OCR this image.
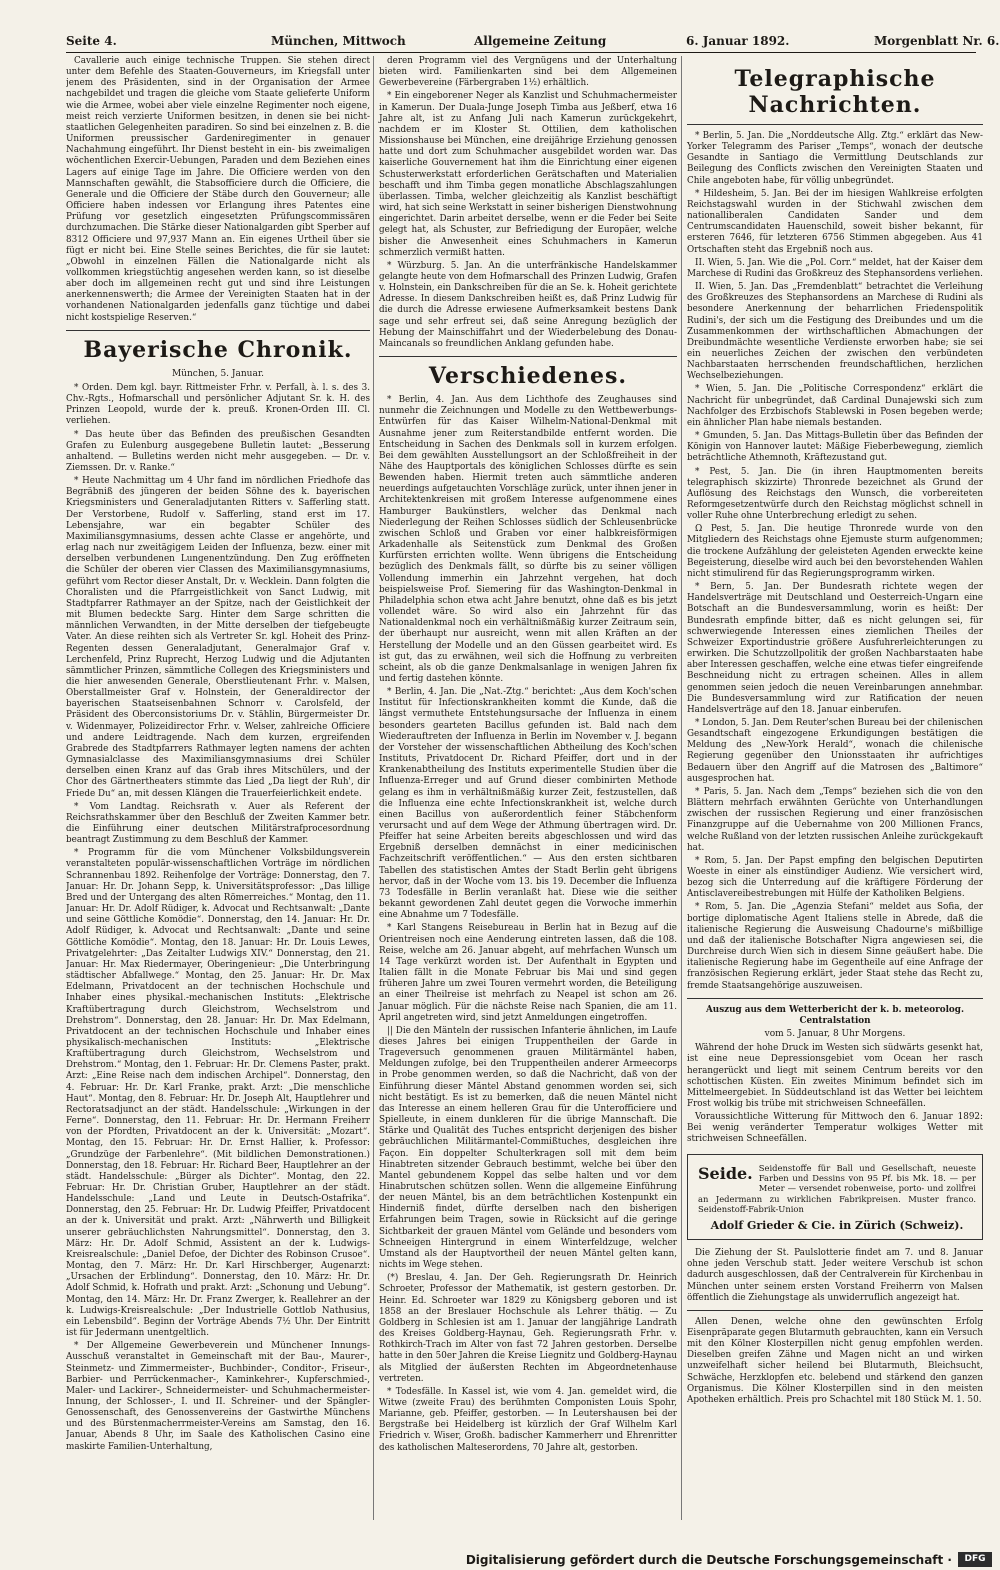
Seite 4.	München, Mittwoch	Allgemeine Zeitung	6. Januar 1892.	Morgenblatt Nr. 6.

Cavallerie auch einige technische Truppen. Sie stehen direct unter dem Befehle des Staaten-Gouverneurs, im Kriegsfall unter jenem des Präsidenten, sind in der Organisation der Armee nachgebildet und tragen die gleiche vom Staate gelieferte Uniform wie die Armee, wobei aber viele einzelne Regimenter noch eigene, meist reich verzierte Uniformen besitzen, in denen sie bei nicht-staatlichen Gelegenheiten paradiren. So sind bei einzelnen z. B. die Uniformen preussischer Gardeniregimenter in genauer Nachahmung eingeführt. Ihr Dienst besteht in ein- bis zweimaligen wöchentlichen Exercir-Uebungen, Paraden und dem Beziehen eines Lagers auf einige Tage im Jahre. Die Officiere werden von den Mannschaften gewählt, die Stabsofficiere durch die Officiere, die Generale und die Officiere der Stäbe durch den Gouverneur; alle Officiere haben indessen vor Erlangung ihres Patentes eine Prüfung vor gesetzlich eingesetzten Prüfungscommissären durchzumachen. Die Stärke dieser Nationalgarden gibt Sperber auf 8312 Officiere und 97,937 Mann an. Ein eigenes Urtheil über sie fügt er nicht bei. Eine Stelle seines Berichtes, die für sie lautet: „Obwohl in einzelnen Fällen die Nationalgarde nicht als vollkommen kriegstüchtig angesehen werden kann, so ist dieselbe aber doch im allgemeinen recht gut und sind ihre Leistungen anerkennenswerth; die Armee der Vereinigten Staaten hat in der vorhandenen Nationalgarden jedenfalls ganz tüchtige und dabei nicht kostspielige Reserven.“

Bayerische Chronik.
München, 5. Januar.

* Orden. Dem kgl. bayr. Rittmeister Frhr. v. Perfall, à. l. s. des 3. Chv.-Rgts., Hofmarschall und persönlicher Adjutant Sr. k. H. des Prinzen Leopold, wurde der k. preuß. Kronen-Orden III. Cl. verliehen.

* Das heute über das Befinden des preußischen Gesandten Grafen zu Eulenburg ausgegebene Bulletin lautet: „Besserung anhaltend. — Bulletins werden nicht mehr ausgegeben. — Dr. v. Ziemssen. Dr. v. Ranke.“

* Heute Nachmittag um 4 Uhr fand im nördlichen Friedhofe das Begräbniß des jüngeren der beiden Söhne des k. bayerischen Kriegsministers und Generaladjutanten Ritters v. Safferling statt. Der Verstorbene, Rudolf v. Safferling, stand erst im 17. Lebensjahre, war ein begabter Schüler des Maximiliansgymnasiums, dessen achte Classe er angehörte, und erlag nach nur zweitägigem Leiden der Influenza, bezw. einer mit derselben verbundenen Lungenentzündung. Den Zug eröffneten die Schüler der oberen vier Classen des Maximiliansgymnasiums, geführt vom Rector dieser Anstalt, Dr. v. Wecklein. Dann folgten die Choralisten und die Pfarrgeistlichkeit von Sanct Ludwig, mit Stadtpfarrer Rathmayer an der Spitze, nach der Geistlichkeit der mit Blumen bedeckte Sarg. Hinter dem Sarge schritten die männlichen Verwandten, in der Mitte derselben der tiefgebeugte Vater. An diese reihten sich als Vertreter Sr. kgl. Hoheit des Prinz-Regenten dessen Generaladjutant, Generalmajor Graf v. Lerchenfeld, Prinz Ruprecht, Herzog Ludwig und die Adjutanten sämmtlicher Prinzen, sämmtliche Collegen des Kriegsministers und die hier anwesenden Generale, Oberstlieutenant Frhr. v. Malsen, Oberstallmeister Graf v. Holnstein, der Generaldirector der bayerischen Staatseisenbahnen Schnorr v. Carolsfeld, der Präsident des Oberconsistoriums Dr. v. Stählin, Bürgermeister Dr. v. Widenmayer, Polizeidirector Frhr. v. Welser, zahlreiche Officiere und andere Leidtragende. Nach dem kurzen, ergreifenden Grabrede des Stadtpfarrers Rathmayer legten namens der achten Gymnasialclasse des Maximiliansgymnasiums drei Schüler derselben einen Kranz auf das Grab ihres Mitschülers, und der Chor des Gärtnertheaters stimmte das Lied „Da liegt der Ruh', dir Friede Du“ an, mit dessen Klängen die Trauerfeierlichkeit endete.

* Vom Landtag. Reichsrath v. Auer als Referent der Reichsrathskammer über den Beschluß der Zweiten Kammer betr. die Einführung einer deutschen Militärstrafprocesordnung beantragt Zustimmung zu dem Beschluß der Kammer.

* Programm für die vom Münchener Volksbildungsverein veranstalteten populär-wissenschaftlichen Vorträge im nördlichen Schrannenbau 1892. Reihenfolge der Vorträge: Donnerstag, den 7. Januar: Hr. Dr. Johann Sepp, k. Universitätsprofessor: „Das lillige Bred und der Untergang des alten Römerreiches.“ Montag, den 11. Januar: Hr. Dr. Adolf Rüdiger, k. Advocat und Rechtsanwalt: „Dante und seine Göttliche Komödie“. Donnerstag, den 14. Januar: Hr. Dr. Adolf Rüdiger, k. Advocat und Rechtsanwalt: „Dante und seine Göttliche Komödie“. Montag, den 18. Januar: Hr. Dr. Louis Lewes, Privatgelehrter: „Das Zeitalter Ludwigs XIV.“ Donnerstag, den 21. Januar: Hr. Max Riedermayer, Oberingenieur: „Die Unterbringung städtischer Abfallwege.“ Montag, den 25. Januar: Hr. Dr. Max Edelmann, Privatdocent an der technischen Hochschule und Inhaber eines physikal.-mechanischen Instituts: „Elektrische Kraftübertragung durch Gleichstrom, Wechselstrom und Drehstrom“. Donnerstag, den 28. Januar: Hr. Dr. Max Edelmann, Privatdocent an der technischen Hochschule und Inhaber eines physikalisch-mechanischen Instituts: „Elektrische Kraftübertragung durch Gleichstrom, Wechselstrom und Drehstrom.“ Montag, den 1. Februar: Hr. Dr. Clemens Paster, prakt. Arzt: „Eine Reise nach dem indischen Archipel“. Donnerstag, den 4. Februar: Hr. Dr. Karl Franke, prakt. Arzt: „Die menschliche Haut“. Montag, den 8. Februar: Hr. Dr. Joseph Alt, Hauptlehrer und Rectoratsadjunct an der städt. Handelsschule: „Wirkungen in der Ferne“. Donnerstag, den 11. Februar: Hr. Dr. Hermann Freiherr von der Pfordten, Privatdocent an der k. Universität: „Mozart“. Montag, den 15. Februar: Hr. Dr. Ernst Hallier, k. Professor: „Grundzüge der Farbenlehre“. (Mit bildlichen Demonstrationen.) Donnerstag, den 18. Februar: Hr. Richard Beer, Hauptlehrer an der städt. Handelsschule: „Bürger als Dichter“. Montag, den 22. Februar: Hr. Dr. Christian Gruber, Hauptlehrer an der städt. Handelsschule: „Land und Leute in Deutsch-Ostafrika“. Donnerstag, den 25. Februar: Hr. Dr. Ludwig Pfeiffer, Privatdocent an der k. Universität und prakt. Arzt: „Nährwerth und Billigkeit unserer gebräuchlichsten Nahrungsmittel“. Donnerstag, den 3. März: Hr. Dr. Adolf Schmid, Assistent an der k. Ludwigs-Kreisrealschule: „Daniel Defoe, der Dichter des Robinson Crusoe“. Montag, den 7. März: Hr. Dr. Karl Hirschberger, Augenarzt: „Ursachen der Erblindung“. Donnerstag, den 10. März: Hr. Dr. Adolf Schmid, k. Hofrath und prakt. Arzt: „Schonung und Uebung“. Montag, den 14. März: Hr. Dr. Franz Zwerger, k. Reallehrer an der k. Ludwigs-Kreisrealschule: „Der Industrielle Gottlob Nathusius, ein Lebensbild“. Beginn der Vorträge Abends 7½ Uhr. Der Eintritt ist für Jedermann unentgeltlich.

* Der Allgemeine Gewerbeverein und Münchener Innungs-Ausschuß veranstaltet in Gemeinschaft mit der Bau-, Maurer-, Steinmetz- und Zimmermeister-, Buchbinder-, Conditor-, Friseur-, Barbier- und Perrückenmacher-, Kaminkehrer-, Kupferschmied-, Maler- und Lackirer-, Schneidermeister- und Schuhmachermeister-Innung, der Schlosser-, I. und II. Schreiner- und der Spängler-Genossenschaft, des Genossenvereins der Gastwirthe Münchens und des Bürstenmacherrmeister-Vereins am Samstag, den 16. Januar, Abends 8 Uhr, im Saale des Katholischen Casino eine maskirte Familien-Unterhaltung,

deren Programm viel des Vergnügens und der Unterhaltung bieten wird. Familienkarten sind bei dem Allgemeinen Gewerbevereine (Färbergraben 1½) erhältlich.

* Ein eingeborener Neger als Kanzlist und Schuhmachermeister in Kamerun. Der Duala-Junge Joseph Timba aus Jeßberf, etwa 16 Jahre alt, ist zu Anfang Juli nach Kamerun zurückgekehrt, nachdem er im Kloster St. Ottilien, dem katholischen Missionshause bei München, eine dreijährige Erziehung genossen hatte und dort zum Schuhmacher ausgebildet worden war. Das kaiserliche Gouvernement hat ihm die Einrichtung einer eigenen Schusterwerkstatt erforderlichen Gerätschaften und Materialien beschafft und ihm Timba gegen monatliche Abschlagszahlungen überlassen. Timba, welcher gleichzeitig als Kanzlist beschäftigt wird, hat sich seine Werkstatt in seiner bisherigen Dienstwohnung eingerichtet. Darin arbeitet derselbe, wenn er die Feder bei Seite gelegt hat, als Schuster, zur Befriedigung der Europäer, welche bisher die Anwesenheit eines Schuhmachers in Kamerun schmerzlich vermißt hatten.

* Würzburg. 5. Jan. An die unterfränkische Handelskammer gelangte heute von dem Hofmarschall des Prinzen Ludwig, Grafen v. Holnstein, ein Dankschreiben für die an Se. k. Hoheit gerichtete Adresse. In diesem Dankschreiben heißt es, daß Prinz Ludwig für die durch die Adresse erwiesene Aufmerksamkeit bestens Dank sage und sehr erfreut sei, daß seine Anregung bezüglich der Hebung der Mainschiffahrt und der Wiederbelebung des Donau-Maincanals so freundlichen Anklang gefunden habe.

Verschiedenes.

* Berlin, 4. Jan. Aus dem Lichthofe des Zeughauses sind nunmehr die Zeichnungen und Modelle zu den Wettbewerbungs-Entwürfen für das Kaiser Wilhelm-National-Denkmal mit Ausnahme jener zum Reiterstandbilde entfernt worden. Die Entscheidung in Sachen des Denkmals soll in kurzem erfolgen. Bei dem gewählten Ausstellungsort an der Schloßfreiheit in der Nähe des Hauptportals des königlichen Schlosses dürfte es sein Bewenden haben. Hiermit treten auch sämmtliche anderen neuerdings aufgetauchten Vorschläge zurück, unter ihnen jener in Architektenkreisen mit großem Interesse aufgenommene eines Hamburger Baukünstlers, welcher das Denkmal nach Niederlegung der Reihen Schlosses südlich der Schleusenbrücke zwischen Schloß und Graben vor einer halbkreisförmigen Arkadenhalle als Seitenstück zum Denkmal des Großen Kurfürsten errichten wollte. Wenn übrigens die Entscheidung bezüglich des Denkmals fällt, so dürfte bis zu seiner völligen Vollendung immerhin ein Jahrzehnt vergehen, hat doch beispielsweise Prof. Siemering für das Washington-Denkmal in Philadelphia schon etwa acht Jahre benutzt, ohne daß es bis jetzt vollendet wäre. So wird also ein Jahrzehnt für das Nationaldenkmal noch ein verhältnißmäßig kurzer Zeitraum sein, der überhaupt nur ausreicht, wenn mit allen Kräften an der Herstellung der Modelle und an den Güssen gearbeitet wird. Es ist gut, das zu erwähnen, weil sich die Hoffnung zu verbreiten scheint, als ob die ganze Denkmalsanlage in wenigen Jahren fix und fertig dastehen könnte.

* Berlin, 4. Jan. Die „Nat.-Ztg.“ berichtet: „Aus dem Koch'schen Institut für Infectionskrankheiten kommt die Kunde, daß die längst vermuthete Entstehungsursache der Influenza in einem besonders gearteten Bacillus gefunden ist. Bald nach dem Wiederauftreten der Influenza in Berlin im November v. J. begann der Vorsteher der wissenschaftlichen Abtheilung des Koch'schen Instituts, Privatdocent Dr. Richard Pfeiffer, dort und in der Krankenabtheilung des Instituts experimentelle Studien über die Influenza-Erreger und auf Grund dieser combinirten Methode gelang es ihm in verhältnißmäßig kurzer Zeit, festzustellen, daß die Influenza eine echte Infectionskrankheit ist, welche durch einen Bacillus von außerordentlich feiner Stäbchenform verursacht und auf dem Wege der Athmung übertragen wird. Dr. Pfeiffer hat seine Arbeiten bereits abgeschlossen und wird das Ergebniß derselben demnächst in einer medicinischen Fachzeitschrift veröffentlichen.“ — Aus den ersten sichtbaren Tabellen des statistischen Amtes der Stadt Berlin geht übrigens hervor, daß in der Woche vom 13. bis 19. December die Influenza 73 Todesfälle in Berlin veranlaßt hat. Diese wie die seither bekannt gewordenen Zahl deutet gegen die Vorwoche immerhin eine Abnahme um 7 Todesfälle.

* Karl Stangens Reisebureau in Berlin hat in Bezug auf die Orientreisen noch eine Aenderung eintreten lassen, daß die 108. Reise, welche am 26. Januar abgeht, auf mehrfachen Wunsch um 14 Tage verkürzt worden ist. Der Aufenthalt in Egypten und Italien fällt in die Monate Februar bis Mai und sind gegen früheren Jahre um zwei Touren vermehrt worden, die Beteiligung an einer Theilreise ist mehrfach zu Neapel ist schon am 26. Januar möglich. Für die nächste Reise nach Spanien, die am 11. April angetreten wird, sind jetzt Anmeldungen eingetroffen.

|| Die den Mänteln der russischen Infanterie ähnlichen, im Laufe dieses Jahres bei einigen Truppentheilen der Garde in Trageversuch genommenen grauen Militärmäntel haben, Meldungen zufolge, bei den Truppentheilen anderer Armeecorps in Probe genommen werden, so daß die Nachricht, daß von der Einführung dieser Mäntel Abstand genommen worden sei, sich nicht bestätigt. Es ist zu bemerken, daß die neuen Mäntel nicht das Interesse an einem helleren Grau für die Unterofficiere und Spielleute, in einem dunkleren für die übrige Mannschaft. Die Stärke und Qualität des Tuches entspricht derjenigen des bisher gebräuchlichen Militärmantel-Commißtuches, desgleichen ihre Façon. Ein doppelter Schulterkragen soll mit dem beim Hinabtreten sitzender Gebrauch bestimmt, welche bei über den Mantel gebundenem Koppel das selbe halten und vor dem Hinabrutschen schützen sollen. Wenn die allgemeine Einführung der neuen Mäntel, bis an dem beträchtlichen Kostenpunkt ein Hinderniß findet, dürfte derselben nach den bisherigen Erfahrungen beim Tragen, sowie in Rücksicht auf die geringe Sichtbarkeit der grauen Mäntel vom Gelände und besonders vom Schneeigen Hintergrund in einem Winterfeldzuge, welcher Umstand als der Hauptvortheil der neuen Mäntel gelten kann, nichts im Wege stehen.

(*) Breslau, 4. Jan. Der Geh. Regierungsrath Dr. Heinrich Schroeter, Professor der Mathematik, ist gestern gestorben. Dr. Heinr. Ed. Schroeter war 1829 zu Königsberg geboren und ist 1858 an der Breslauer Hochschule als Lehrer thätig. — Zu Goldberg in Schlesien ist am 1. Januar der langjährige Landrath des Kreises Goldberg-Haynau, Geh. Regierungsrath Frhr. v. Rothkirch-Trach im Alter von fast 72 Jahren gestorben. Derselbe hatte in den 50er Jahren die Kreise Liegnitz und Goldberg-Haynau als Mitglied der äußersten Rechten im Abgeordnetenhause vertreten.

* Todesfälle. In Kassel ist, wie vom 4. Jan. gemeldet wird, die Witwe (zweite Frau) des berühmten Componisten Louis Spohr, Marianne, geb. Pfeiffer, gestorben. — In Leutershausen bei der Bergstraße bei Heidelberg ist kürzlich der Graf Wilhelm Karl Friedrich v. Wiser, Großh. badischer Kammerherr und Ehrenritter des katholischen Malteserordens, 70 Jahre alt, gestorben.

Telegraphische Nachrichten.

* Berlin, 5. Jan. Die „Norddeutsche Allg. Ztg.“ erklärt das New-Yorker Telegramm des Pariser „Temps“, wonach der deutsche Gesandte in Santiago die Vermittlung Deutschlands zur Beilegung des Conflicts zwischen den Vereinigten Staaten und Chile angeboten habe, für völlig unbegründet.

* Hildesheim, 5. Jan. Bei der im hiesigen Wahlkreise erfolgten Reichstagswahl wurden in der Stichwahl zwischen dem nationalliberalen Candidaten Sander und dem Centrumscandidaten Hauenschild, soweit bisher bekannt, für ersteren 7646, für letzteren 6756 Stimmen abgegeben. Aus 41 Ortschaften steht das Ergebniß noch aus.

II. Wien, 5. Jan. Wie die „Pol. Corr.“ meldet, hat der Kaiser dem Marchese di Rudini das Großkreuz des Stephansordens verliehen.

II. Wien, 5. Jan. Das „Fremdenblatt“ betrachtet die Verleihung des Großkreuzes des Stephansordens an Marchese di Rudini als besondere Anerkennung der beharrlichen Friedenspolitik Rudini's, der sich um die Festigung des Dreibundes und um die Zusammenkommen der wirthschaftlichen Abmachungen der Dreibundmächte wesentliche Verdienste erworben habe; sie sei ein neuerliches Zeichen der zwischen den verbündeten Nachbarstaaten herrschenden freundschaftlichen, herzlichen Wechselbeziehungen.

* Wien, 5. Jan. Die „Politische Correspondenz“ erklärt die Nachricht für unbegründet, daß Cardinal Dunajewski sich zum Nachfolger des Erzbischofs Stablewski in Posen begeben werde; ein ähnlicher Plan habe niemals bestanden.

* Gmunden, 5. Jan. Das Mittags-Bulletin über das Befinden der Königin von Hannover lautet: Mäßige Fieberbewegung, ziemlich beträchtliche Athemnoth, Kräftezustand gut.

* Pest, 5. Jan. Die (in ihren Hauptmomenten bereits telegraphisch skizzirte) Thronrede bezeichnet als Grund der Auflösung des Reichstags den Wunsch, die vorbereiteten Reformgesetzentwürfe durch den Reichstag möglichst schnell in voller Ruhe ohne Unterbrechung erledigt zu sehen.

Ω Pest, 5. Jan. Die heutige Thronrede wurde von den Mitgliedern des Reichstags ohne Ejemuste sturm aufgenommen; die trockene Aufzählung der geleisteten Agenden erweckte keine Begeisterung, dieselbe wird auch bei den bevorstehenden Wahlen nicht stimulirend für das Regierungsprogramm wirken.

* Bern, 5. Jan. Der Bundesrath richtete wegen der Handelsverträge mit Deutschland und Oesterreich-Ungarn eine Botschaft an die Bundesversammlung, worin es heißt: Der Bundesrath empfinde bitter, daß es nicht gelungen sei, für schwerwiegende Interessen eines ziemlichen Theiles der Schweizer Exportindustrie größere Ausfuhrerleichterungen zu erwirken. Die Schutzzollpolitik der großen Nachbarstaaten habe aber Interessen geschaffen, welche eine etwas tiefer eingreifende Beschneidung nicht zu ertragen scheinen. Alles in allem genommen seien jedoch die neuen Vereinbarungen annehmbar. Die Bundesversammlung wird zur Ratification der neuen Handelsverträge auf den 18. Januar einberufen.

* London, 5. Jan. Dem Reuter'schen Bureau bei der chilenischen Gesandtschaft eingezogene Erkundigungen bestätigen die Meldung des „New-York Herald“, wonach die chilenische Regierung gegenüber den Unionsstaaten ihr aufrichtiges Bedauern über den Angriff auf die Matrosen des „Baltimore“ ausgesprochen hat.

* Paris, 5. Jan. Nach dem „Temps“ beziehen sich die von den Blättern mehrfach erwähnten Gerüchte von Unterhandlungen zwischen der russischen Regierung und einer französischen Finanzgruppe auf die Uebernahme von 200 Millionen Francs, welche Rußland von der letzten russischen Anleihe zurückgekauft hat.

* Rom, 5. Jan. Der Papst empfing den belgischen Deputirten Woeste in einer als einstündiger Audienz. Wie versichert wird, bezog sich die Unterredung auf die kräftigere Förderung der Antisclavereibestrebungen mit Hülfe der Katholiken Belgiens.

* Rom, 5. Jan. Die „Agenzia Stefani“ meldet aus Sofia, der bortige diplomatische Agent Italiens stelle in Abrede, daß die italienische Regierung die Ausweisung Chadourne's mißbillige und daß der italienische Botschafter Nigra angewiesen sei, die Durchreise durch Wien sich in diesem Sinne geäußert habe. Die italienische Regierung habe im Gegentheile auf eine Anfrage der französischen Regierung erklärt, jeder Staat stehe das Recht zu, fremde Staatsangehörige auszuweisen.

Auszug aus dem Wetterbericht der k. b. meteorolog. Centralstation
vom 5. Januar, 8 Uhr Morgens.

Während der hohe Druck im Westen sich südwärts gesenkt hat, ist eine neue Depressionsgebiet vom Ocean her rasch herangerückt und liegt mit seinem Centrum bereits vor den schottischen Küsten. Ein zweites Minimum befindet sich im Mittelmeergebiet. In Süddeutschland ist das Wetter bei leichtem Frost wolkig bis trübe mit strichweisen Schneefällen.

Voraussichtliche Witterung für Mittwoch den 6. Januar 1892: Bei wenig veränderter Temperatur wolkiges Wetter mit strichweisen Schneefällen.

Seide. Seidenstoffe für Ball und Gesellschaft, neueste Farben und Dessins von 95 Pf. bis Mk. 18. — per Meter — versendet robenweise, porto- und zollfrei an Jedermann zu wirklichen Fabrikpreisen. Muster franco. Seidenstoff-Fabrik-Union
Adolf Grieder & Cie. in Zürich (Schweiz).

Die Ziehung der St. Paulslotterie findet am 7. und 8. Januar ohne jeden Verschub statt. Jeder weitere Verschub ist schon dadurch ausgeschlossen, daß der Centralverein für Kirchenbau in München unter seinem ersten Vorstand Freiherrn von Malsen öffentlich die Ziehungstage als unwiderruflich angezeigt hat.

Allen Denen, welche ohne den gewünschten Erfolg Eisenpräparate gegen Blutarmuth gebrauchten, kann ein Versuch mit den Kölner Klosterpillen nicht genug empfohlen werden. Dieselben greifen Zähne und Magen nicht an und wirken unzweifelhaft sicher heilend bei Blutarmuth, Bleichsucht, Schwäche, Herzklopfen etc. belebend und stärkend den ganzen Organismus. Die Kölner Klosterpillen sind in den meisten Apotheken erhältlich. Preis pro Schachtel mit 180 Stück M. 1. 50.

Digitalisierung gefördert durch die Deutsche Forschungsgemeinschaft ·	DFG
